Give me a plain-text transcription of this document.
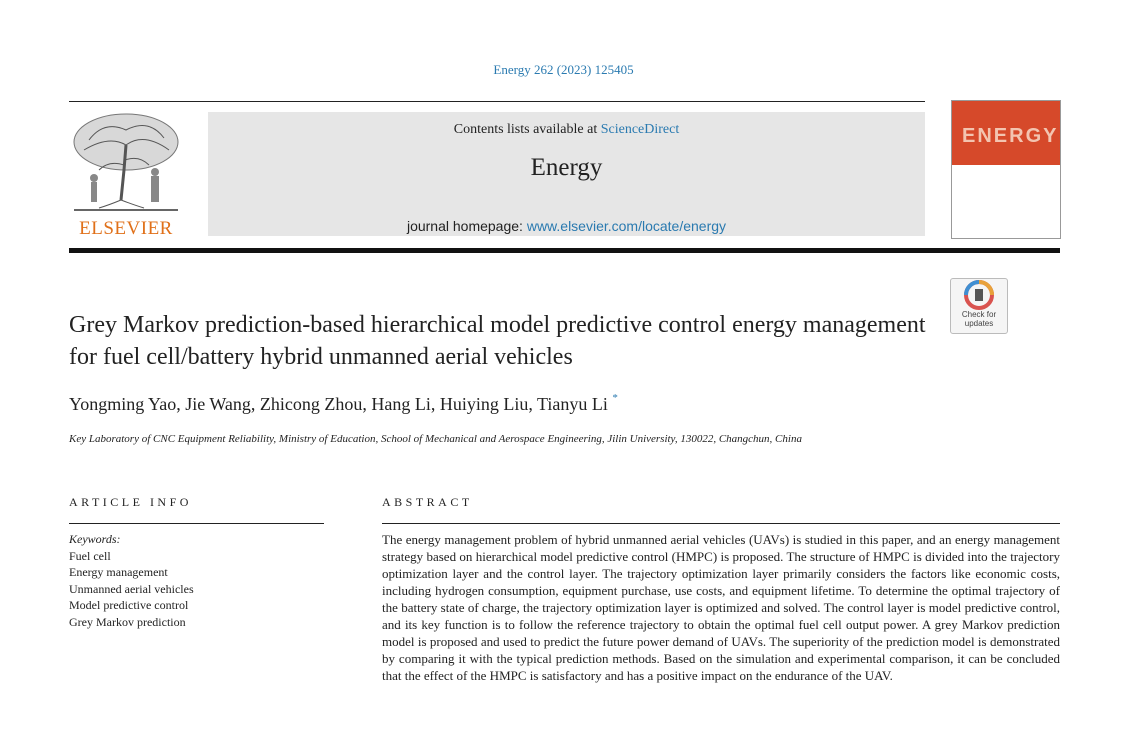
Energy 262 (2023) 125405
ELSEVIER
Contents lists available at ScienceDirect
Energy
journal homepage: www.elsevier.com/locate/energy
ENERGY
Check for updates
Grey Markov prediction-based hierarchical model predictive control energy management for fuel cell/battery hybrid unmanned aerial vehicles
Yongming Yao, Jie Wang, Zhicong Zhou, Hang Li, Huiying Liu, Tianyu Li *
Key Laboratory of CNC Equipment Reliability, Ministry of Education, School of Mechanical and Aerospace Engineering, Jilin University, 130022, Changchun, China
ARTICLE INFO	ABSTRACT
Keywords:
Fuel cell
Energy management
Unmanned aerial vehicles
Model predictive control
Grey Markov prediction
The energy management problem of hybrid unmanned aerial vehicles (UAVs) is studied in this paper, and an energy management strategy based on hierarchical model predictive control (HMPC) is proposed. The structure of HMPC is divided into the trajectory optimization layer and the control layer. The trajectory optimization layer primarily considers the factors like economic costs, including hydrogen consumption, equipment purchase, use costs, and equipment lifetime. To determine the optimal trajectory of the battery state of charge, the trajectory optimization layer is optimized and solved. The control layer is model predictive control, and its key function is to follow the reference trajectory to obtain the optimal fuel cell output power. A grey Markov prediction model is proposed and used to predict the future power demand of UAVs. The superiority of the prediction model is demonstrated by comparing it with the typical prediction methods. Based on the simulation and experimental comparison, it can be concluded that the effect of the HMPC is satisfactory and has a positive impact on the endurance of the UAV.
